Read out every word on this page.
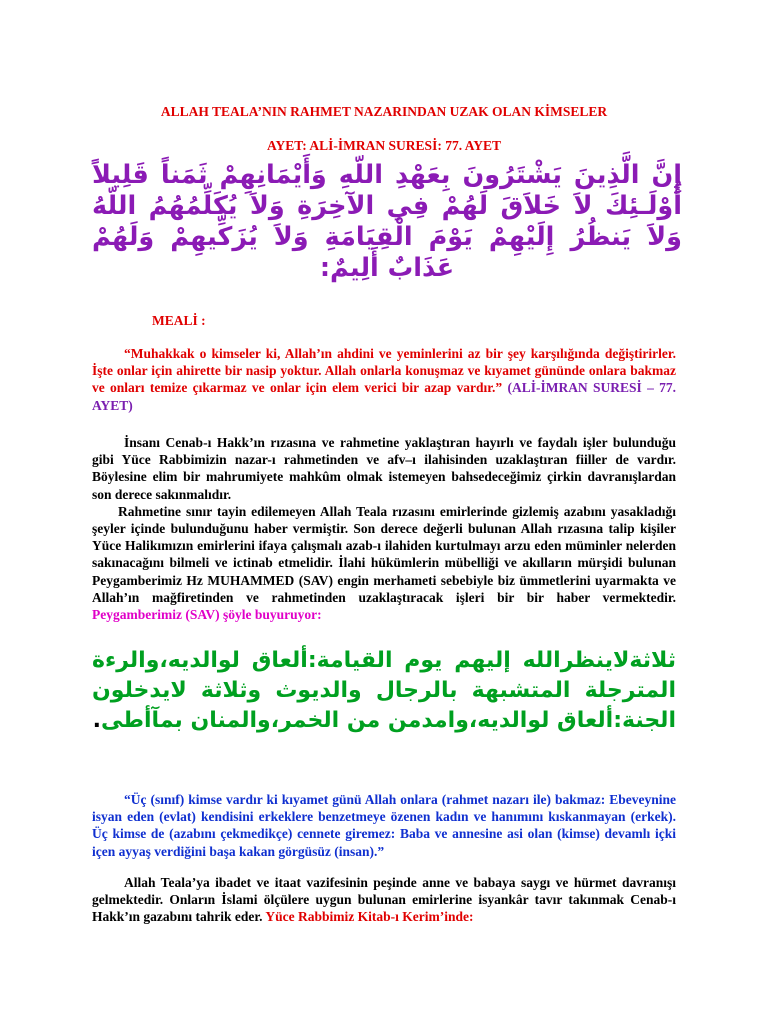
ALLAH TEALA’NIN RAHMET NAZARINDAN UZAK OLAN KİMSELER
AYET: ALİ-İMRAN SURESİ: 77. AYET
إِنَّ الَّذِينَ يَشْتَرُونَ بِعَهْدِ اللّهِ وَأَيْمَانِهِمْ ثَمَناً قَلِيلاً أُوْلَـئِكَ لاَ خَلاَقَ لَهُمْ فِي الآخِرَةِ وَلاَ يُكَلِّمُهُمُ اللّهُ وَلاَ يَنظُرُ إِلَيْهِمْ يَوْمَ الْقِيَامَةِ وَلاَ يُزَكِّيهِمْ وَلَهُمْ عَذَابٌ أَلِيمٌ:
MEALİ :
“Muhakkak o kimseler ki, Allah’ın ahdini ve yeminlerini az bir şey karşılığında değiştirirler. İşte onlar için ahirette bir nasip yoktur. Allah onlarla konuşmaz ve kıyamet gününde onlara bakmaz ve onları temize çıkarmaz ve onlar için elem verici bir azap vardır.” (ALİ-İMRAN SURESİ – 77. AYET)
İnsanı Cenab-ı Hakk’ın rızasına ve rahmetine yaklaştıran hayırlı ve faydalı işler bulunduğu gibi Yüce Rabbimizin nazar-ı rahmetinden ve afv–ı ilahisinden uzaklaştıran fiiller de vardır. Böylesine elim bir mahrumiyete mahkûm olmak istemeyen bahsedeceğimiz çirkin davranışlardan son derece sakınmalıdır.
Rahmetine sınır tayin edilemeyen Allah Teala rızasını emirlerinde gizlemiş azabını yasakladığı şeyler içinde bulunduğunu haber vermiştir. Son derece değerli bulunan Allah rızasına talip kişiler Yüce Halikımızın emirlerini ifaya çalışmalı azab-ı ilahiden kurtulmayı arzu eden müminler nelerden sakınacağını bilmeli ve ictinab etmelidir. İlahi hükümlerin mübelliği ve akılların mürşidi bulunan Peygamberimiz Hz MUHAMMED (SAV) engin merhameti sebebiyle biz ümmetlerini uyarmakta ve Allah’ın mağfiretinden ve rahmetinden uzaklaştıracak işleri bir bir haber vermektedir. Peygamberimiz (SAV) şöyle buyuruyor:
ثلاثةلاينظرالله إليهم يوم القيامة:ألعاق لوالديه،والرءة المترجلة المتشبهة بالرجال والديوث وثلاثة لايدخلون الجنة:ألعاق لوالديه،وامدمن من الخمر،والمنان بمآأطى.
“Üç (sınıf) kimse vardır ki kıyamet günü Allah onlara (rahmet nazarı ile) bakmaz: Ebeveynine isyan eden (evlat) kendisini erkeklere benzetmeye özenen kadın ve hanımını kıskanmayan (erkek). Üç kimse de (azabını çekmedikçe) cennete giremez: Baba ve annesine asi olan (kimse) devamlı içki içen ayyaş verdiğini başa kakan görgüsüz (insan).”
Allah Teala’ya ibadet ve itaat vazifesinin peşinde anne ve babaya saygı ve hürmet davranışı gelmektedir. Onların İslami ölçülere uygun bulunan emirlerine isyankâr tavır takınmak Cenab-ı Hakk’ın gazabını tahrik eder. Yüce Rabbimiz Kitab-ı Kerim’inde:
